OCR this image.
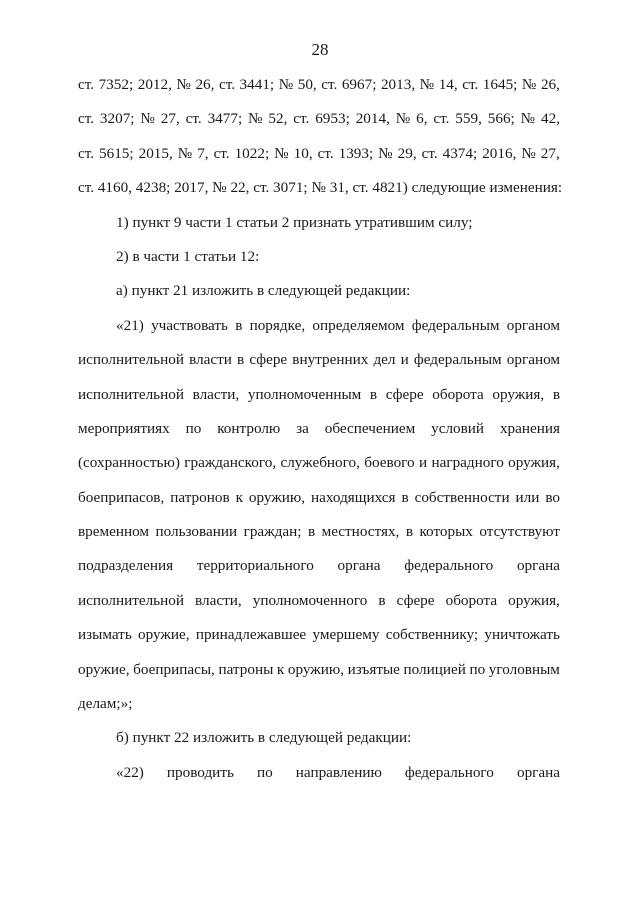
28
ст. 7352; 2012, № 26, ст. 3441; № 50, ст. 6967; 2013, № 14, ст. 1645; № 26,
ст. 3207; № 27, ст. 3477; № 52, ст. 6953; 2014, № 6, ст. 559, 566; № 42,
ст. 5615; 2015, № 7, ст. 1022; № 10, ст. 1393; № 29, ст. 4374; 2016, № 27,
ст. 4160, 4238; 2017, № 22, ст. 3071; № 31, ст. 4821) следующие изменения:
1) пункт 9 части 1 статьи 2 признать утратившим силу;
2) в части 1 статьи 12:
а) пункт 21 изложить в следующей редакции:
«21) участвовать в порядке, определяемом федеральным органом
исполнительной власти в сфере внутренних дел и федеральным органом
исполнительной власти, уполномоченным в сфере оборота оружия, в
мероприятиях по контролю за обеспечением условий хранения
(сохранностью) гражданского, служебного, боевого и наградного оружия,
боеприпасов, патронов к оружию, находящихся в собственности или во
временном пользовании граждан; в местностях, в которых отсутствуют
подразделения территориального органа федерального органа
исполнительной власти, уполномоченного в сфере оборота оружия,
изымать оружие, принадлежавшее умершему собственнику; уничтожать
оружие, боеприпасы, патроны к оружию, изъятые полицией по уголовным
делам;»;
б) пункт 22 изложить в следующей редакции:
«22) проводить по направлению федерального органа
